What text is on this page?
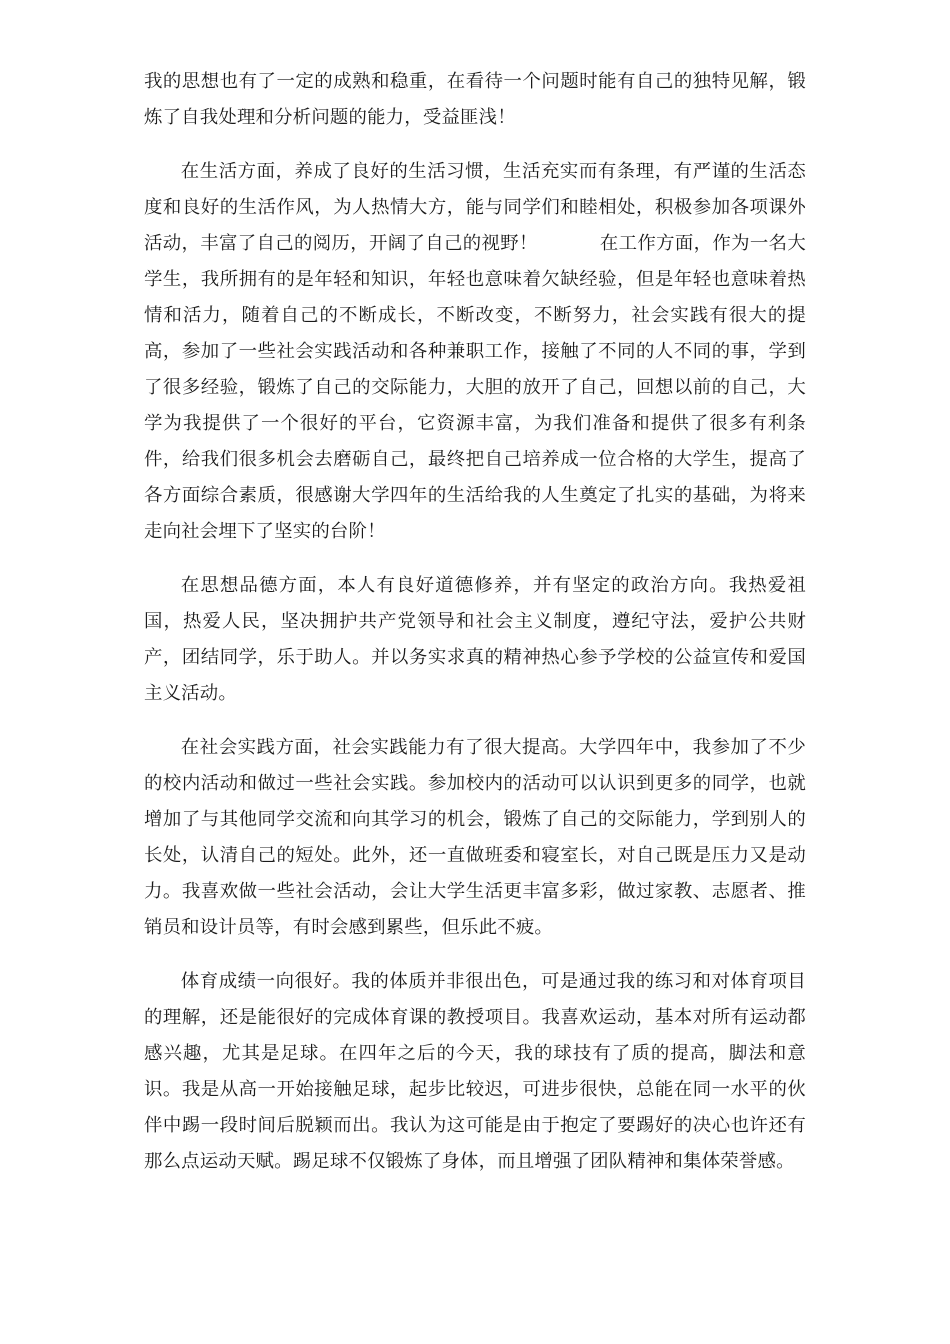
我的思想也有了一定的成熟和稳重，在看待一个问题时能有自己的独特见解，锻炼了自我处理和分析问题的能力，受益匪浅！

在生活方面，养成了良好的生活习惯，生活充实而有条理，有严谨的生活态度和良好的生活作风，为人热情大方，能与同学们和睦相处，积极参加各项课外活动，丰富了自己的阅历，开阔了自己的视野！          在工作方面，作为一名大学生，我所拥有的是年轻和知识，年轻也意味着欠缺经验，但是年轻也意味着热情和活力，随着自己的不断成长，不断改变，不断努力，社会实践有很大的提高，参加了一些社会实践活动和各种兼职工作，接触了不同的人不同的事，学到了很多经验，锻炼了自己的交际能力，大胆的放开了自己，回想以前的自己，大学为我提供了一个很好的平台，它资源丰富，为我们准备和提供了很多有利条件，给我们很多机会去磨砺自己，最终把自己培养成一位合格的大学生，提高了各方面综合素质，很感谢大学四年的生活给我的人生奠定了扎实的基础，为将来走向社会埋下了坚实的台阶！

在思想品德方面，本人有良好道德修养，并有坚定的政治方向。我热爱祖国，热爱人民，坚决拥护共产党领导和社会主义制度，遵纪守法，爱护公共财产，团结同学，乐于助人。并以务实求真的精神热心参予学校的公益宣传和爱国主义活动。

在社会实践方面，社会实践能力有了很大提高。大学四年中，我参加了不少的校内活动和做过一些社会实践。参加校内的活动可以认识到更多的同学，也就增加了与其他同学交流和向其学习的机会，锻炼了自己的交际能力，学到别人的长处，认清自己的短处。此外，还一直做班委和寝室长，对自己既是压力又是动力。我喜欢做一些社会活动，会让大学生活更丰富多彩，做过家教、志愿者、推销员和设计员等，有时会感到累些，但乐此不疲。

体育成绩一向很好。我的体质并非很出色，可是通过我的练习和对体育项目的理解，还是能很好的完成体育课的教授项目。我喜欢运动，基本对所有运动都感兴趣，尤其是足球。在四年之后的今天，我的球技有了质的提高，脚法和意识。我是从高一开始接触足球，起步比较迟，可进步很快，总能在同一水平的伙伴中踢一段时间后脱颖而出。我认为这可能是由于抱定了要踢好的决心也许还有那么点运动天赋。踢足球不仅锻炼了身体，而且增强了团队精神和集体荣誉感。
